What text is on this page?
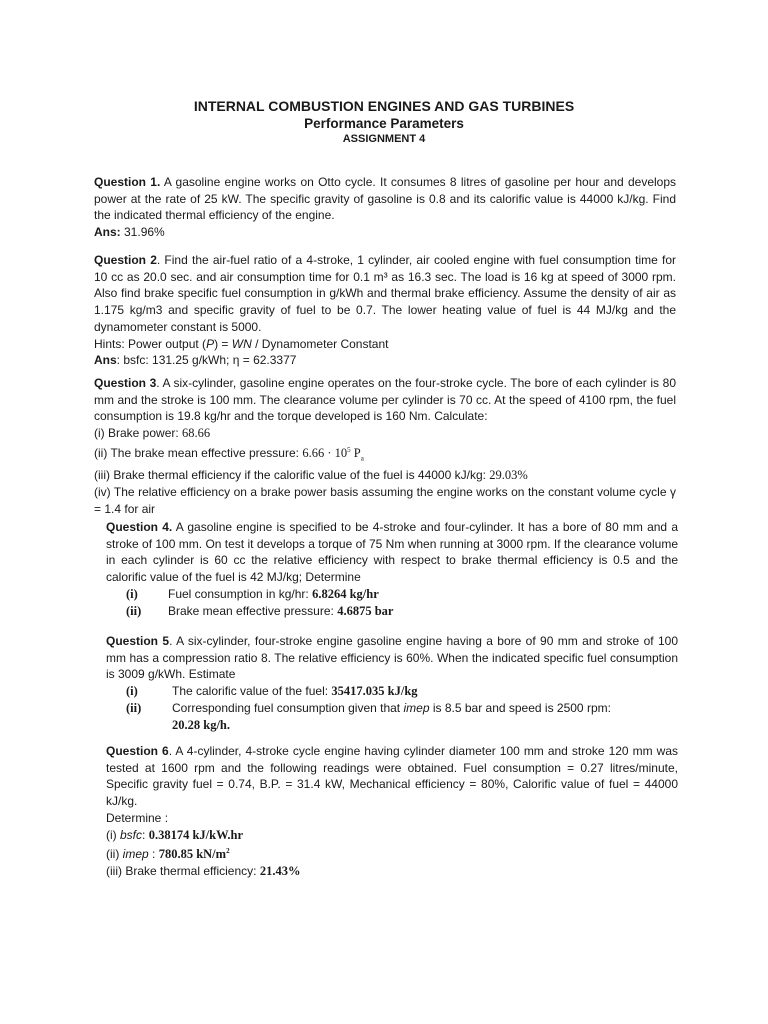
INTERNAL COMBUSTION ENGINES AND GAS TURBINES
Performance Parameters
ASSIGNMENT 4

Question 1. A gasoline engine works on Otto cycle. It consumes 8 litres of gasoline per hour and develops power at the rate of 25 kW. The specific gravity of gasoline is 0.8 and its calorific value is 44000 kJ/kg. Find the indicated thermal efficiency of the engine.

Ans: 31.96%

Question 2. Find the air-fuel ratio of a 4-stroke, 1 cylinder, air cooled engine with fuel consumption time for 10 cc as 20.0 sec. and air consumption time for 0.1 m³ as 16.3 sec. The load is 16 kg at speed of 3000 rpm. Also find brake specific fuel consumption in g/kWh and thermal brake efficiency. Assume the density of air as 1.175 kg/m3 and specific gravity of fuel to be 0.7. The lower heating value of fuel is 44 MJ/kg and the dynamometer constant is 5000.

Hints: Power output (P) = WN / Dynamometer Constant

Ans: bsfc: 131.25 g/kWh; η = 62.3377

Question 3. A six-cylinder, gasoline engine operates on the four-stroke cycle. The bore of each cylinder is 80 mm and the stroke is 100 mm. The clearance volume per cylinder is 70 cc. At the speed of 4100 rpm, the fuel consumption is 19.8 kg/hr and the torque developed is 160 Nm. Calculate:

(i) Brake power: 68.66

(ii) The brake mean effective pressure: $6.66 \cdot 10^5$ $P_a$

(iii) Brake thermal efficiency if the calorific value of the fuel is 44000 kJ/kg: 29.03%

(iv) The relative efficiency on a brake power basis assuming the engine works on the constant volume cycle γ = 1.4 for air

Question 4. A gasoline engine is specified to be 4-stroke and four-cylinder. It has a bore of 80 mm and a stroke of 100 mm. On test it develops a torque of 75 Nm when running at 3000 rpm. If the clearance volume in each cylinder is 60 cc the relative efficiency with respect to brake thermal efficiency is 0.5 and the calorific value of the fuel is 42 MJ/kg; Determine

(i)	Fuel consumption in kg/hr: 6.8264 kg/hr
(ii)	Brake mean effective pressure: 4.6875 bar

Question 5. A six-cylinder, four-stroke engine gasoline engine having a bore of 90 mm and stroke of 100 mm has a compression ratio 8. The relative efficiency is 60%. When the indicated specific fuel consumption is 3009 g/kWh. Estimate

(i)	The calorific value of the fuel: 35417.035 kJ/kg
(ii)	Corresponding fuel consumption given that imep is 8.5 bar and speed is 2500 rpm: 20.28 kg/h.

Question 6. A 4-cylinder, 4-stroke cycle engine having cylinder diameter 100 mm and stroke 120 mm was tested at 1600 rpm and the following readings were obtained. Fuel consumption = 0.27 litres/minute, Specific gravity fuel = 0.74, B.P. = 31.4 kW, Mechanical efficiency = 80%, Calorific value of fuel = 44000 kJ/kg.

Determine :

(i) bsfc: 0.38174 kJ/kW.hr

(ii) imep : 780.85 $kN/m^2$

(iii) Brake thermal efficiency: 21.43%
